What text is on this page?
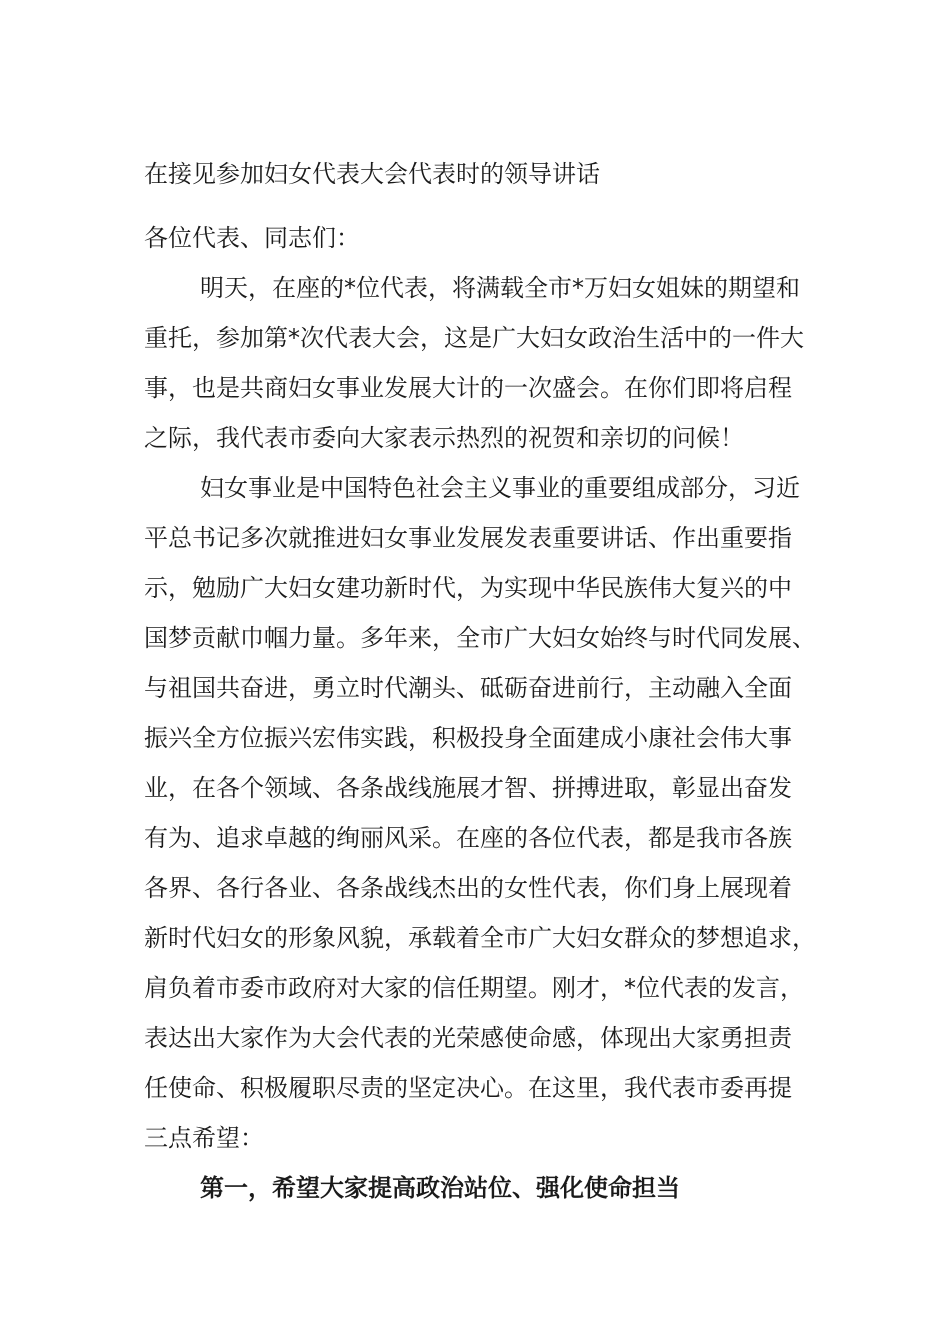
在接见参加妇女代表大会代表时的领导讲话
各位代表、同志们：
明天，在座的*位代表，将满载全市*万妇女姐妹的期望和
重托，参加第*次代表大会，这是广大妇女政治生活中的一件大
事，也是共商妇女事业发展大计的一次盛会。在你们即将启程
之际，我代表市委向大家表示热烈的祝贺和亲切的问候！
妇女事业是中国特色社会主义事业的重要组成部分，习近
平总书记多次就推进妇女事业发展发表重要讲话、作出重要指
示，勉励广大妇女建功新时代，为实现中华民族伟大复兴的中
国梦贡献巾帼力量。多年来，全市广大妇女始终与时代同发展、
与祖国共奋进，勇立时代潮头、砥砺奋进前行，主动融入全面
振兴全方位振兴宏伟实践，积极投身全面建成小康社会伟大事
业，在各个领域、各条战线施展才智、拼搏进取，彰显出奋发
有为、追求卓越的绚丽风采。在座的各位代表，都是我市各族
各界、各行各业、各条战线杰出的女性代表，你们身上展现着
新时代妇女的形象风貌，承载着全市广大妇女群众的梦想追求，
肩负着市委市政府对大家的信任期望。刚才，*位代表的发言，
表达出大家作为大会代表的光荣感使命感，体现出大家勇担责
任使命、积极履职尽责的坚定决心。在这里，我代表市委再提
三点希望：
第一，希望大家提高政治站位、强化使命担当
